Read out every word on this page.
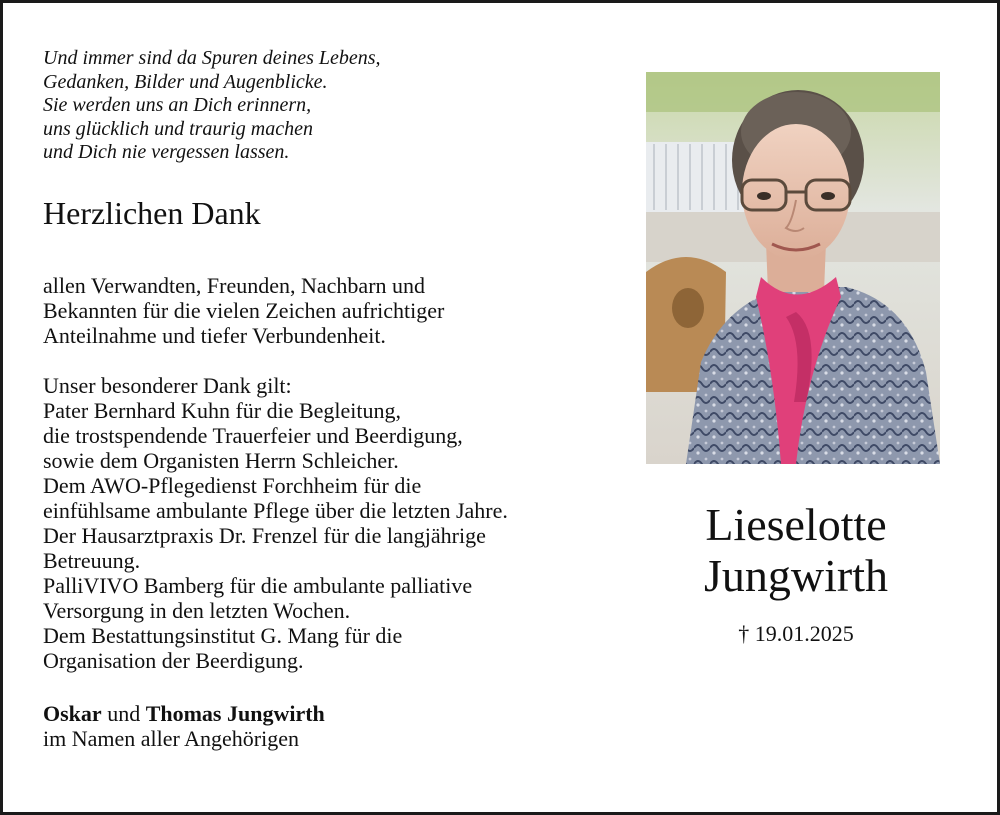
Und immer sind da Spuren deines Lebens,
Gedanken, Bilder und Augenblicke.
Sie werden uns an Dich erinnern,
uns glücklich und traurig machen
und Dich nie vergessen lassen.
Herzlichen Dank
allen Verwandten, Freunden, Nachbarn und
Bekannten für die vielen Zeichen aufrichtiger
Anteilnahme und tiefer Verbundenheit.
Unser besonderer Dank gilt:
Pater Bernhard Kuhn für die Begleitung,
die trostspendende Trauerfeier und Beerdigung,
sowie dem Organisten Herrn Schleicher.
Dem AWO-Pflegedienst Forchheim für die
einfühlsame ambulante Pflege über die letzten Jahre.
Der Hausarztpraxis Dr. Frenzel für die langjährige
Betreuung.
PalliVIVO Bamberg für die ambulante palliative
Versorgung in den letzten Wochen.
Dem Bestattungsinstitut G. Mang für die
Organisation der Beerdigung.
Oskar und Thomas Jungwirth
im Namen aller Angehörigen
Lieselotte
Jungwirth
† 19.01.2025
